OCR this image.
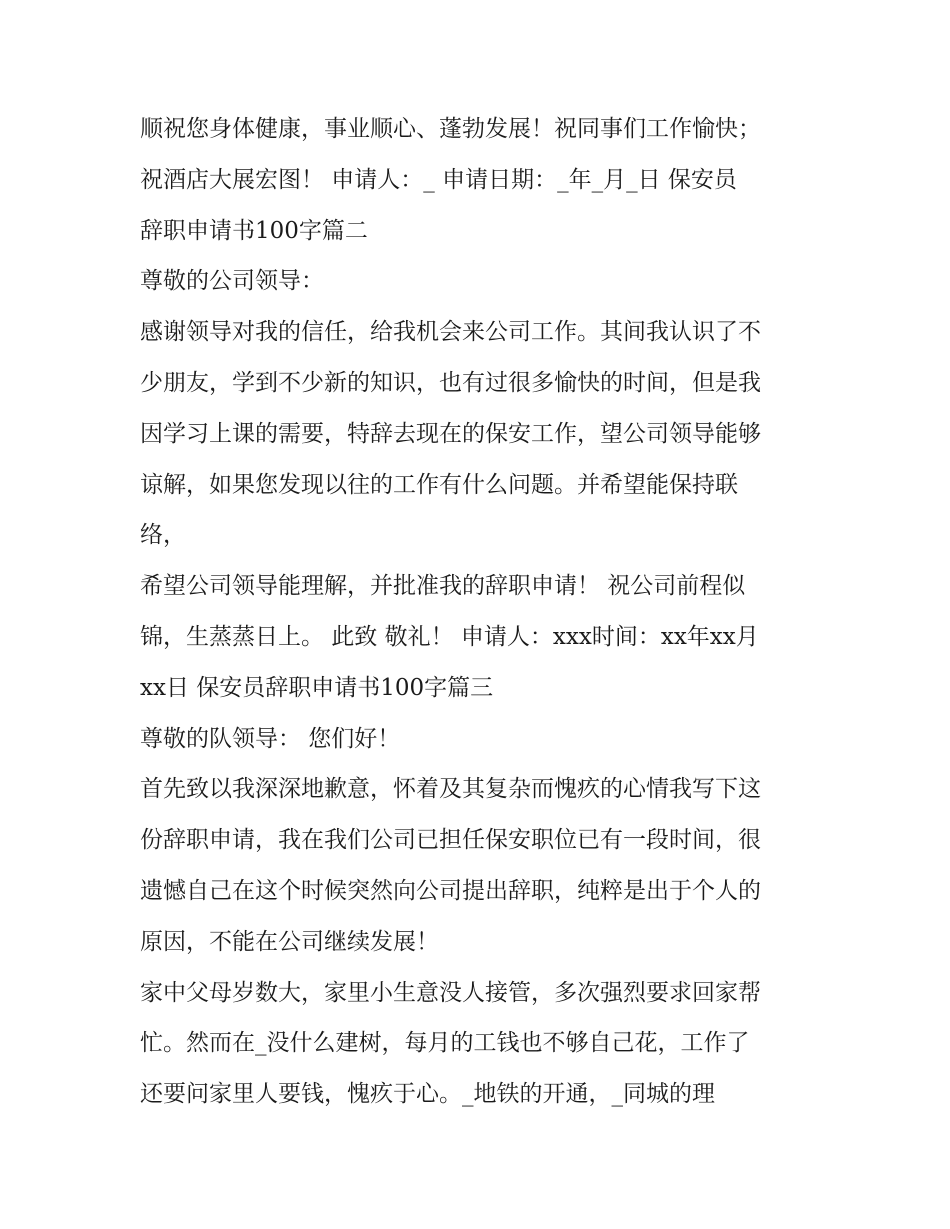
顺祝您身体健康，事业顺心、蓬勃发展！祝同事们工作愉快；
祝酒店大展宏图！ 申请人：_ 申请日期：_年_月_日 保安员
辞职申请书100字篇二
尊敬的公司领导：
感谢领导对我的信任，给我机会来公司工作。其间我认识了不
少朋友，学到不少新的知识，也有过很多愉快的时间，但是我
因学习上课的需要，特辞去现在的保安工作，望公司领导能够
谅解，如果您发现以往的工作有什么问题。并希望能保持联
络，
希望公司领导能理解，并批准我的辞职申请！ 祝公司前程似
锦，生蒸蒸日上。 此致 敬礼！ 申请人：xxx时间：xx年xx月
xx日 保安员辞职申请书100字篇三
尊敬的队领导： 您们好！
首先致以我深深地歉意，怀着及其复杂而愧疚的心情我写下这
份辞职申请，我在我们公司已担任保安职位已有一段时间，很
遗憾自己在这个时候突然向公司提出辞职，纯粹是出于个人的
原因，不能在公司继续发展！
家中父母岁数大，家里小生意没人接管，多次强烈要求回家帮
忙。然而在_没什么建树，每月的工钱也不够自己花，工作了
还要问家里人要钱，愧疚于心。_地铁的开通，_同城的理
